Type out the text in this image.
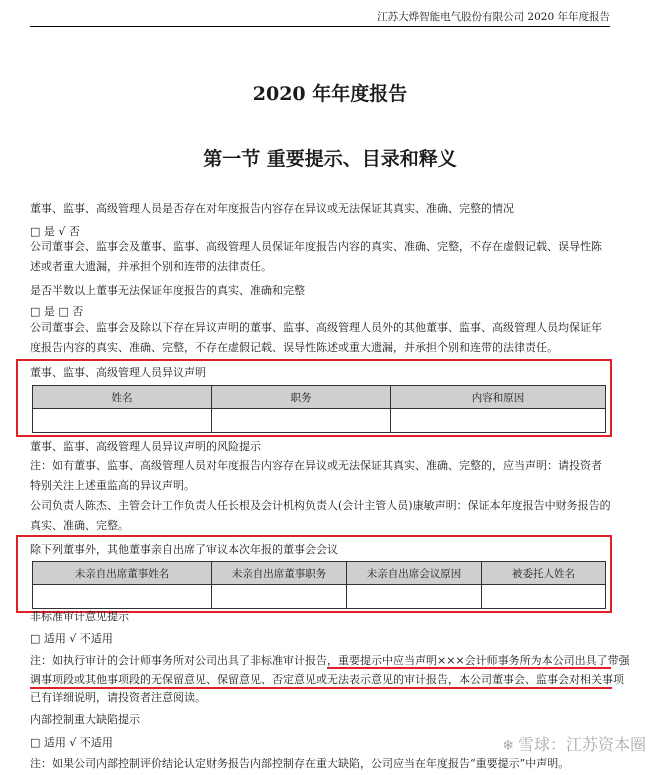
江苏大烨智能电气股份有限公司 2020 年年度报告
2020 年年度报告
第一节 重要提示、目录和释义
董事、监事、高级管理人员是否存在对年度报告内容存在异议或无法保证其真实、准确、完整的情况
□ 是 √ 否
公司董事会、监事会及董事、监事、高级管理人员保证年度报告内容的真实、准确、完整，不存在虚假记载、误导性陈述或者重大遗漏，并承担个别和连带的法律责任。
是否半数以上董事无法保证年度报告的真实、准确和完整
□ 是 □ 否
公司董事会、监事会及除以下存在异议声明的董事、监事、高级管理人员外的其他董事、监事、高级管理人员均保证年度报告内容的真实、准确、完整，不存在虚假记载、误导性陈述或重大遗漏，并承担个别和连带的法律责任。
董事、监事、高级管理人员异议声明
姓名	职务	内容和原因

董事、监事、高级管理人员异议声明的风险提示
注：如有董事、监事、高级管理人员对年度报告内容存在异议或无法保证其真实、准确、完整的，应当声明：请投资者特别关注上述重监高的异议声明。
公司负责人陈杰、主管会计工作负责人任长根及会计机构负责人(会计主管人员)康敏声明：保证本年度报告中财务报告的真实、准确、完整。
除下列董事外，其他董事亲自出席了审议本次年报的董事会会议
未亲自出席董事姓名	未亲自出席董事职务	未亲自出席会议原因	被委托人姓名

非标准审计意见提示
□ 适用 √ 不适用
注：如执行审计的会计师事务所对公司出具了非标准审计报告，重要提示中应当声明×××会计师事务所为本公司出具了带强
调事项段或其他事项段的无保留意见、保留意见、否定意见或无法表示意见的审计报告，本公司董事会、监事会对相关事项
已有详细说明，请投资者注意阅读。
内部控制重大缺陷提示
□ 适用 √ 不适用
注：如果公司内部控制评价结论认定财务报告内部控制存在重大缺陷，公司应当在年度报告“重要提示”中声明。
❄ 雪球：江苏资本圈
